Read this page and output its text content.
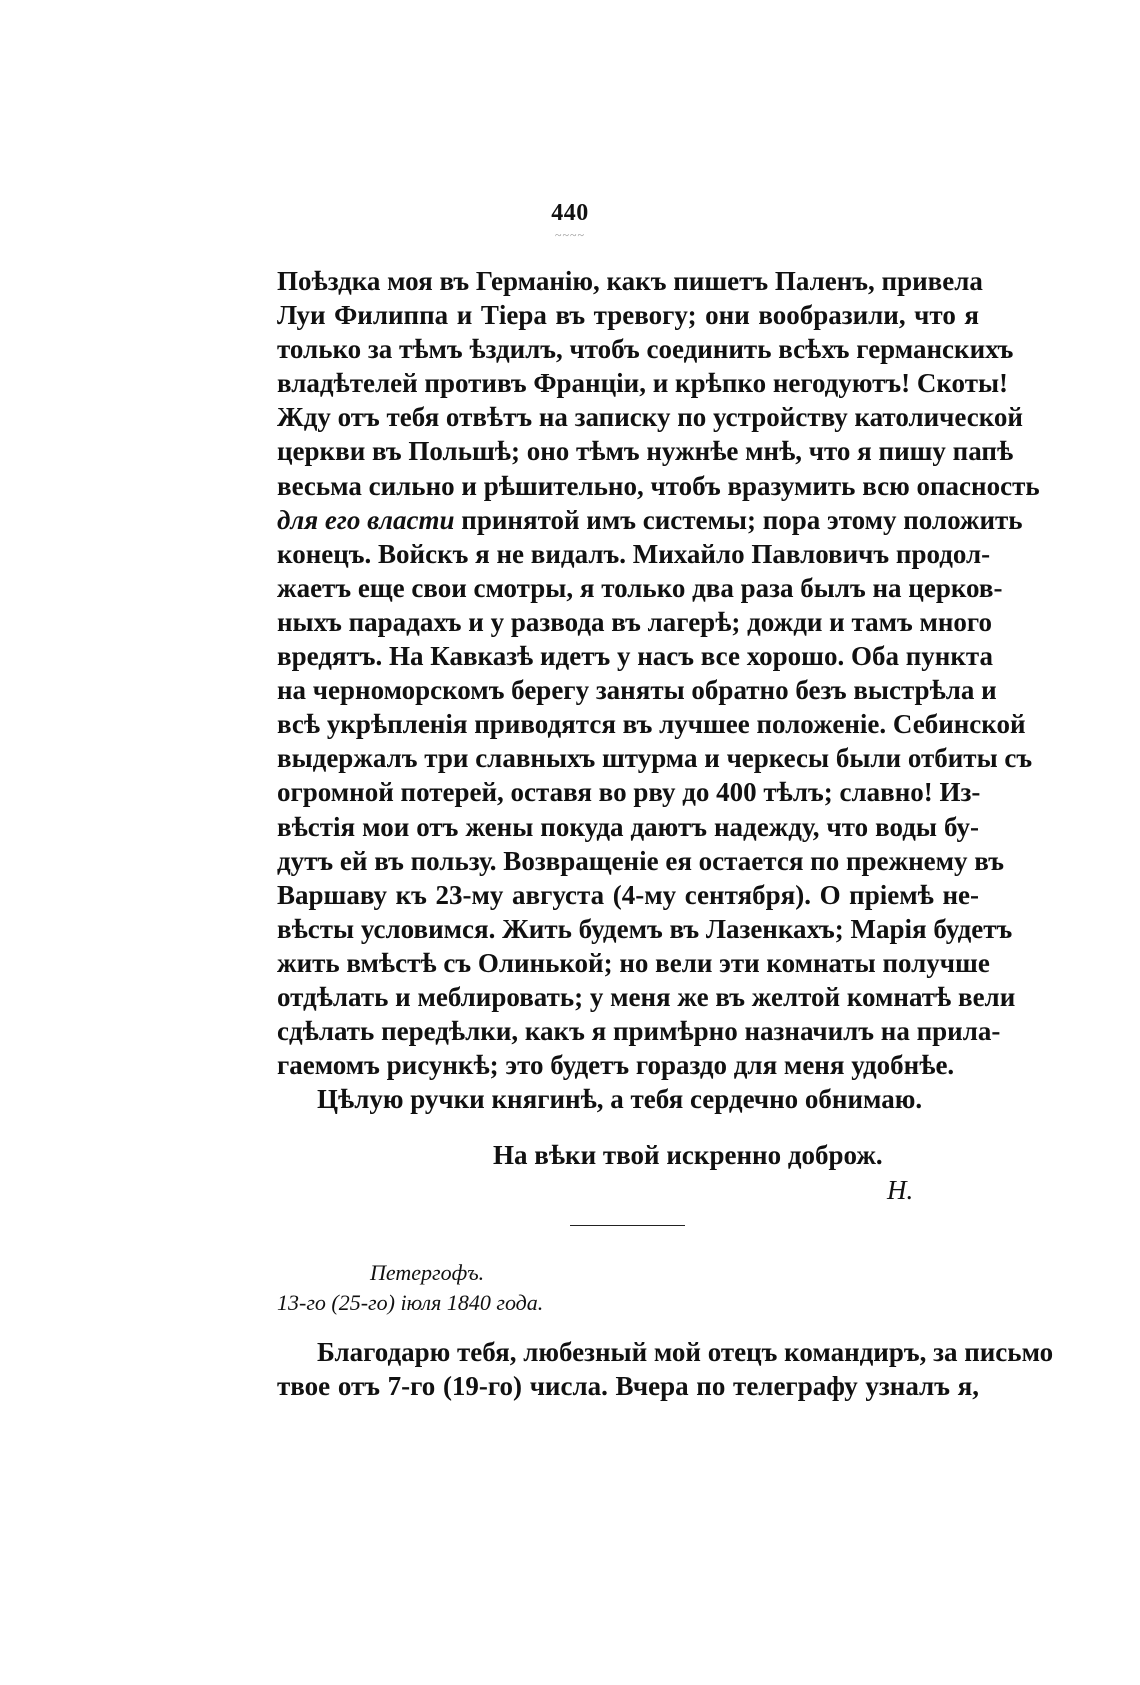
440
~~~~
Поѣздка моя въ Германію, какъ пишетъ Паленъ, привела
Луи Филиппа и Тіера въ тревогу; они вообразили, что я
только за тѣмъ ѣздилъ, чтобъ соединить всѣхъ германскихъ
владѣтелей противъ Франціи, и крѣпко негодуютъ! Скоты!
Жду отъ тебя отвѣтъ на записку по устройству католической
церкви въ Польшѣ; оно тѣмъ нужнѣе мнѣ, что я пишу папѣ
весьма сильно и рѣшительно, чтобъ вразумить всю опасность
для его власти принятой имъ системы; пора этому положить
конецъ. Войскъ я не видалъ. Михайло Павловичъ продол-
жаетъ еще свои смотры, я только два раза былъ на церков-
ныхъ парадахъ и у развода въ лагерѣ; дожди и тамъ много
вредятъ. На Кавказѣ идетъ у насъ все хорошо. Оба пункта
на черноморскомъ берегу заняты обратно безъ выстрѣла и
всѣ укрѣпленія приводятся въ лучшее положеніе. Себинской
выдержалъ три славныхъ штурма и черкесы были отбиты съ
огромной потерей, оставя во рву до 400 тѣлъ; славно! Из-
вѣстія мои отъ жены покуда даютъ надежду, что воды бу-
дутъ ей въ пользу. Возвращеніе ея остается по прежнему въ
Варшаву къ 23-му августа (4-му сентября). О пріемѣ не-
вѣсты условимся. Жить будемъ въ Лазенкахъ; Марія будетъ
жить вмѣстѣ съ Олинькой; но вели эти комнаты получше
отдѣлать и меблировать; у меня же въ желтой комнатѣ вели
сдѣлать передѣлки, какъ я примѣрно назначилъ на прила-
гаемомъ рисункѣ; это будетъ гораздо для меня удобнѣе.
Цѣлую ручки княгинѣ, а тебя сердечно обнимаю.
На вѣки твой искренно доброж.
Н.
Петергофъ.
13-го (25-го) іюля 1840 года.
Благодарю тебя, любезный мой отецъ командиръ, за письмо
твое отъ 7-го (19-го) числа. Вчера по телеграфу узналъ я,
